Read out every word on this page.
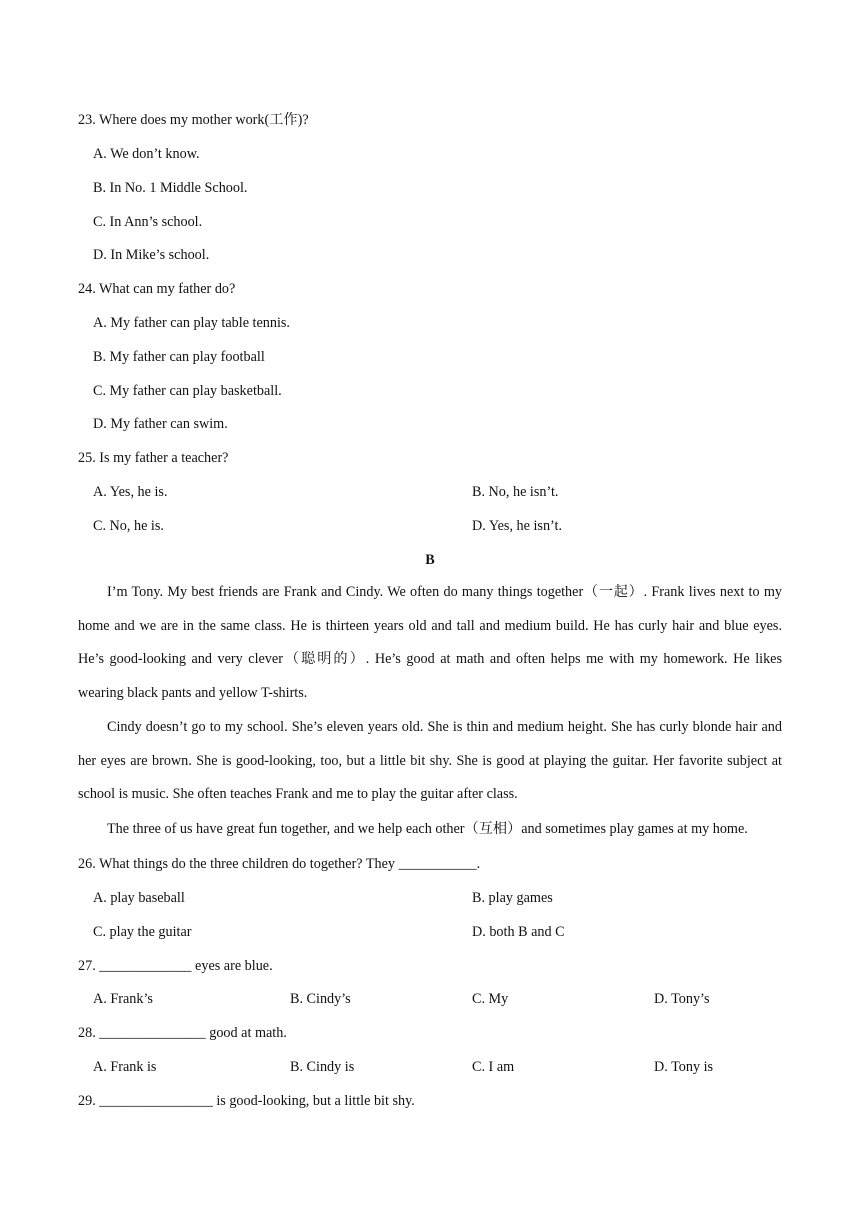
23. Where does my mother work(工作)?
A. We don’t know.
B. In No. 1 Middle School.
C. In Ann’s school.
D. In Mike’s school.
24. What can my father do?
A. My father can play table tennis.
B. My father can play football
C. My father can play basketball.
D. My father can swim.
25. Is my father a teacher?
A. Yes, he is.	B. No, he isn’t.
C. No, he is.	D. Yes, he isn’t.
B
I’m Tony. My best friends are Frank and Cindy. We often do many things together（一起）. Frank lives next to my home and we are in the same class. He is thirteen years old and tall and medium build. He has curly hair and blue eyes. He’s good-looking and very clever（聪明的）. He’s good at math and often helps me with my homework. He likes wearing black pants and yellow T-shirts.
Cindy doesn’t go to my school. She’s eleven years old. She is thin and medium height. She has curly blonde hair and her eyes are brown. She is good-looking, too, but a little bit shy. She is good at playing the guitar. Her favorite subject at school is music. She often teaches Frank and me to play the guitar after class.
The three of us have great fun together, and we help each other（互相）and sometimes play games at my home.
26. What things do the three children do together? They ___________.
A. play baseball	B. play games
C. play the guitar	D. both B and C
27. _____________ eyes are blue.
A. Frank’s	B. Cindy’s	C. My	D. Tony’s
28. _______________ good at math.
A. Frank is	B. Cindy is	C. I am	D. Tony is
29. ________________ is good-looking, but a little bit shy.
